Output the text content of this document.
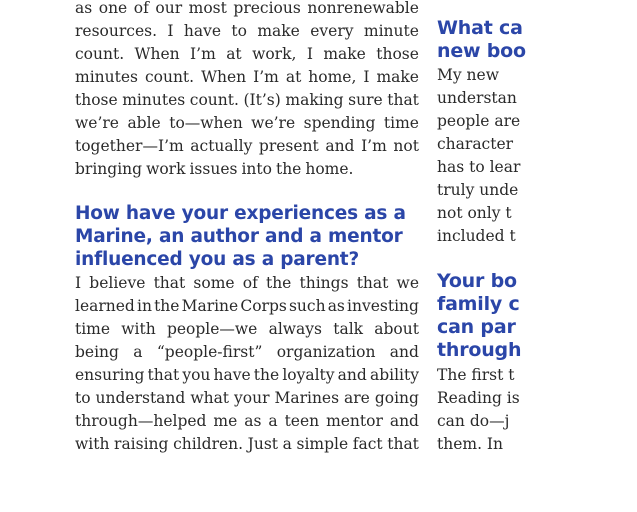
as one of our most precious nonrenewable
resources. I have to make every minute
count. When I’m at work, I make those
minutes count. When I’m at home, I make
those minutes count. (It’s) making sure that
we’re able to—when we’re spending time
together—I’m actually present and I’m not
bringing work issues into the home.
How have your experiences as a
Marine, an author and a mentor
influenced you as a parent?
I believe that some of the things that we
learned in the Marine Corps such as investing
time with people—we always talk about
being a “people-first” organization and
ensuring that you have the loyalty and ability
to understand what your Marines are going
through—helped me as a teen mentor and
with raising children. Just a simple fact that
What ca
new boo
My new
understan
people are
character
has to lear
truly unde
not only t
included t
Your bo
family c
can par
through
The first t
Reading is
can do—j
them. In
